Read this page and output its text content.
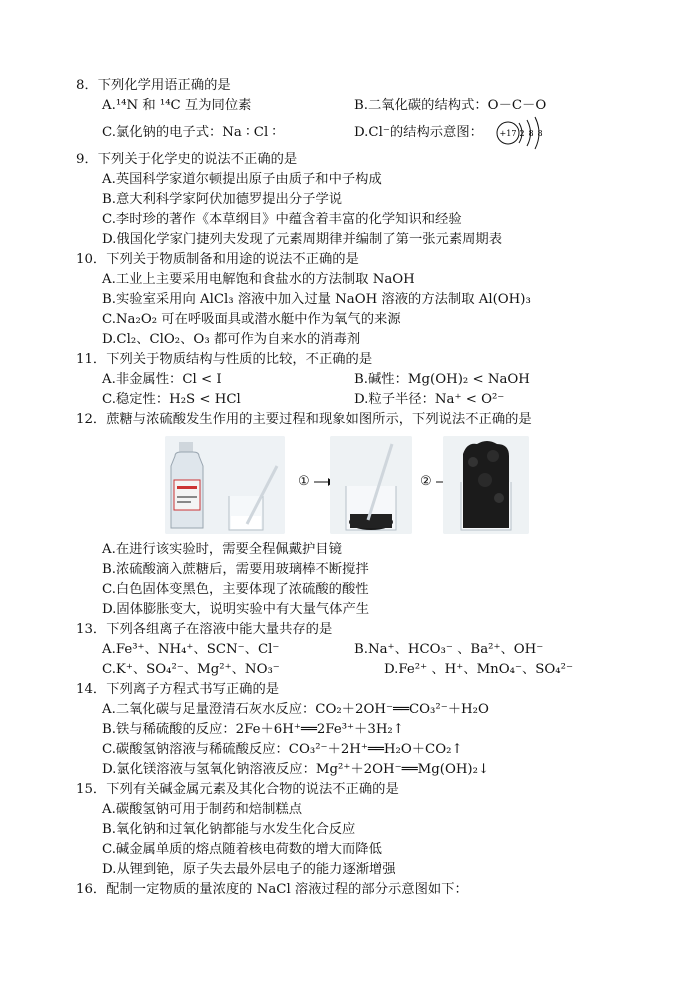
8．下列化学用语正确的是
A.¹⁴N 和 ¹⁴C 互为同位素	B.二氧化碳的结构式：O－C－O
C.氯化钠的电子式：Na ∶ Cl ∶	D.Cl⁻的结构示意图： +17 2 8 8
9．下列关于化学史的说法不正确的是
A.英国科学家道尔顿提出原子由质子和中子构成
B.意大利科学家阿伏加德罗提出分子学说
C.李时珍的著作《本草纲目》中蕴含着丰富的化学知识和经验
D.俄国化学家门捷列夫发现了元素周期律并编制了第一张元素周期表
10．下列关于物质制备和用途的说法不正确的是
A.工业上主要采用电解饱和食盐水的方法制取 NaOH
B.实验室采用向 AlCl₃ 溶液中加入过量 NaOH 溶液的方法制取 Al(OH)₃
C.Na₂O₂ 可在呼吸面具或潜水艇中作为氧气的来源
D.Cl₂、ClO₂、O₃ 都可作为自来水的消毒剂
11．下列关于物质结构与性质的比较，不正确的是
A.非金属性：Cl < I	B.碱性：Mg(OH)₂ < NaOH
C.稳定性：H₂S < HCl	D.粒子半径：Na⁺ < O²⁻
12．蔗糖与浓硫酸发生作用的主要过程和现象如图所示，下列说法不正确的是
①	②
A.在进行该实验时，需要全程佩戴护目镜
B.浓硫酸滴入蔗糖后，需要用玻璃棒不断搅拌
C.白色固体变黑色，主要体现了浓硫酸的酸性
D.固体膨胀变大，说明实验中有大量气体产生
13．下列各组离子在溶液中能大量共存的是
A.Fe³⁺、NH₄⁺、SCN⁻、Cl⁻	B.Na⁺、HCO₃⁻ 、Ba²⁺、OH⁻
C.K⁺、SO₄²⁻、Mg²⁺、NO₃⁻	D.Fe²⁺ 、H⁺、MnO₄⁻、SO₄²⁻
14．下列离子方程式书写正确的是
A.二氧化碳与足量澄清石灰水反应：CO₂＋2OH⁻══CO₃²⁻＋H₂O
B.铁与稀硫酸的反应：2Fe＋6H⁺══2Fe³⁺＋3H₂↑
C.碳酸氢钠溶液与稀硫酸反应：CO₃²⁻＋2H⁺══H₂O＋CO₂↑
D.氯化镁溶液与氢氧化钠溶液反应：Mg²⁺＋2OH⁻══Mg(OH)₂↓
15．下列有关碱金属元素及其化合物的说法不正确的是
A.碳酸氢钠可用于制药和焙制糕点
B.氧化钠和过氧化钠都能与水发生化合反应
C.碱金属单质的熔点随着核电荷数的增大而降低
D.从锂到铯，原子失去最外层电子的能力逐渐增强
16．配制一定物质的量浓度的 NaCl 溶液过程的部分示意图如下：
